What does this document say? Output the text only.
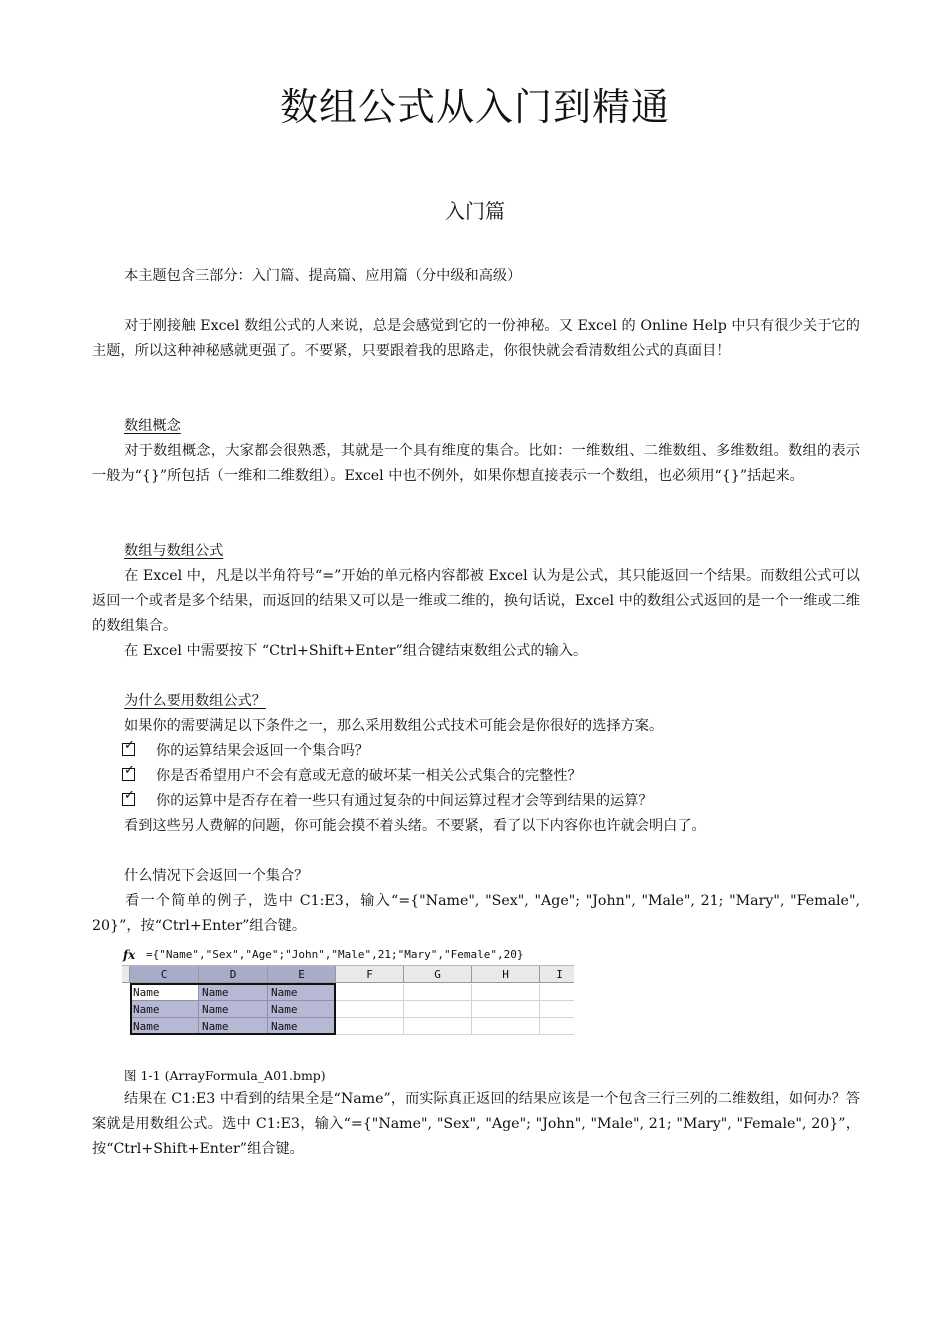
数组公式从入门到精通
入门篇
本主题包含三部分：入门篇、提高篇、应用篇（分中级和高级）
对于刚接触 Excel 数组公式的人来说，总是会感觉到它的一份神秘。又 Excel 的 Online Help 中只有很少关于它的主题，所以这种神秘感就更强了。不要紧，只要跟着我的思路走，你很快就会看清数组公式的真面目！
数组概念
对于数组概念，大家都会很熟悉，其就是一个具有维度的集合。比如：一维数组、二维数组、多维数组。数组的表示一般为“{}”所包括（一维和二维数组）。Excel 中也不例外，如果你想直接表示一个数组，也必须用“{}”括起来。
数组与数组公式
在 Excel 中，凡是以半角符号“=”开始的单元格内容都被 Excel 认为是公式，其只能返回一个结果。而数组公式可以返回一个或者是多个结果，而返回的结果又可以是一维或二维的，换句话说，Excel 中的数组公式返回的是一个一维或二维的数组集合。
在 Excel 中需要按下 “Ctrl+Shift+Enter”组合键结束数组公式的输入。
为什么要用数组公式？
如果你的需要满足以下条件之一，那么采用数组公式技术可能会是你很好的选择方案。
✓ 你的运算结果会返回一个集合吗？
✓ 你是否希望用户不会有意或无意的破坏某一相关公式集合的完整性？
✓ 你的运算中是否存在着一些只有通过复杂的中间运算过程才会等到结果的运算？
看到这些另人费解的问题，你可能会摸不着头绪。不要紧，看了以下内容你也许就会明白了。
什么情况下会返回一个集合？
看一个简单的例子，选中 C1:E3，输入“={"Name", "Sex", "Age"; "John", "Male", 21; "Mary", "Female", 20}”，按“Ctrl+Enter”组合键。
fx ={"Name","Sex","Age";"John","Male",21;"Mary","Female",20}
C	D	E	F	G	H	I
Name	Name	Name
Name	Name	Name
Name	Name	Name
图 1-1 (ArrayFormula_A01.bmp)
结果在 C1:E3 中看到的结果全是“Name”，而实际真正返回的结果应该是一个包含三行三列的二维数组，如何办？答案就是用数组公式。选中 C1:E3，输入“={"Name", "Sex", "Age"; "John", "Male", 21; "Mary", "Female", 20}”，按“Ctrl+Shift+Enter”组合键。
